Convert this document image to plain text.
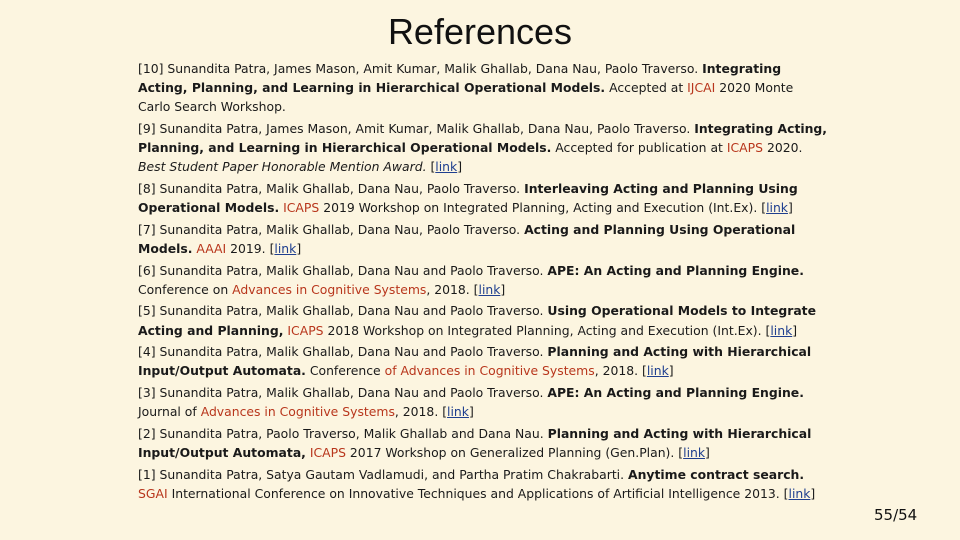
References

[10] Sunandita Patra, James Mason, Amit Kumar, Malik Ghallab, Dana Nau, Paolo Traverso. Integrating Acting, Planning, and Learning in Hierarchical Operational Models. Accepted at IJCAI 2020 Monte Carlo Search Workshop.

[9] Sunandita Patra, James Mason, Amit Kumar, Malik Ghallab, Dana Nau, Paolo Traverso. Integrating Acting, Planning, and Learning in Hierarchical Operational Models. Accepted for publication at ICAPS 2020. Best Student Paper Honorable Mention Award. [link]

[8] Sunandita Patra, Malik Ghallab, Dana Nau, Paolo Traverso. Interleaving Acting and Planning Using Operational Models. ICAPS 2019 Workshop on Integrated Planning, Acting and Execution (Int.Ex). [link]

[7] Sunandita Patra, Malik Ghallab, Dana Nau, Paolo Traverso. Acting and Planning Using Operational Models. AAAI 2019. [link]

[6] Sunandita Patra, Malik Ghallab, Dana Nau and Paolo Traverso. APE: An Acting and Planning Engine. Conference on Advances in Cognitive Systems, 2018. [link]

[5] Sunandita Patra, Malik Ghallab, Dana Nau and Paolo Traverso. Using Operational Models to Integrate Acting and Planning, ICAPS 2018 Workshop on Integrated Planning, Acting and Execution (Int.Ex). [link]

[4] Sunandita Patra, Malik Ghallab, Dana Nau and Paolo Traverso. Planning and Acting with Hierarchical Input/Output Automata. Conference of Advances in Cognitive Systems, 2018. [link]

[3] Sunandita Patra, Malik Ghallab, Dana Nau and Paolo Traverso. APE: An Acting and Planning Engine. Journal of Advances in Cognitive Systems, 2018. [link]

[2] Sunandita Patra, Paolo Traverso, Malik Ghallab and Dana Nau. Planning and Acting with Hierarchical Input/Output Automata, ICAPS 2017 Workshop on Generalized Planning (Gen.Plan). [link]

[1] Sunandita Patra, Satya Gautam Vadlamudi, and Partha Pratim Chakrabarti. Anytime contract search. SGAI International Conference on Innovative Techniques and Applications of Artificial Intelligence 2013. [link]

55/54
